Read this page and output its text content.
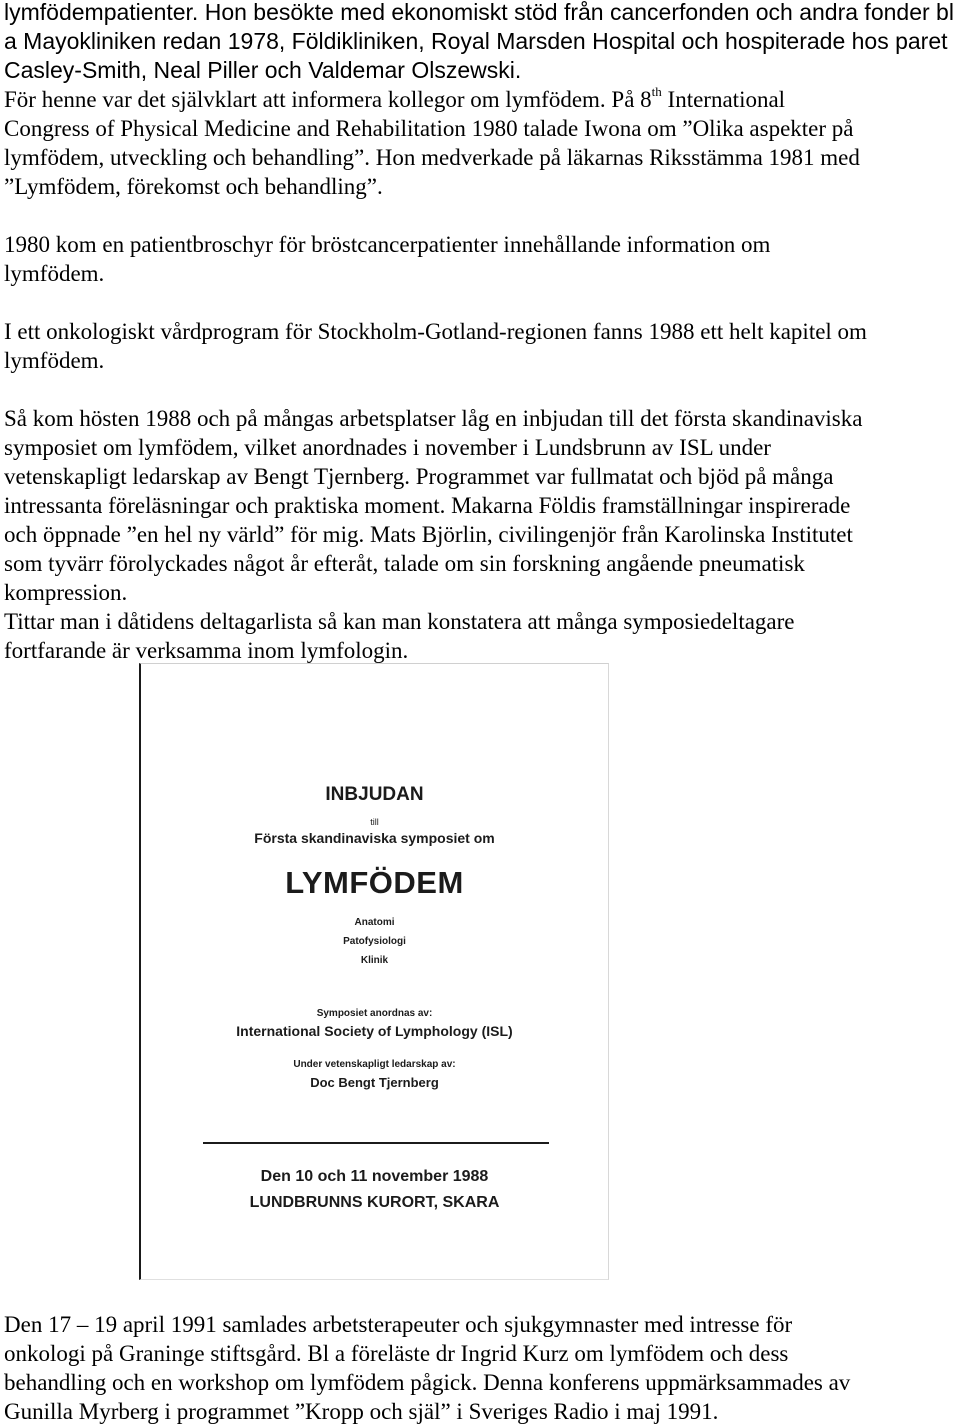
lymfödempatienter. Hon besökte med ekonomiskt stöd från cancerfonden och andra fonder bl
a Mayokliniken redan 1978, Földikliniken, Royal Marsden Hospital och hospiterade hos paret
Casley-Smith, Neal Piller och Valdemar Olszewski.
För henne var det självklart att informera kollegor om lymfödem. På 8th International
Congress of Physical Medicine and Rehabilitation 1980 talade Iwona om ”Olika aspekter på
lymfödem, utveckling och behandling”. Hon medverkade på läkarnas Riksstämma 1981 med
”Lymfödem, förekomst och behandling”.
1980 kom en patientbroschyr för bröstcancerpatienter innehållande information om
lymfödem.
I ett onkologiskt vårdprogram för Stockholm-Gotland-regionen fanns 1988 ett helt kapitel om
lymfödem.
Så kom hösten 1988 och på mångas arbetsplatser låg en inbjudan till det första skandinaviska
symposiet om lymfödem, vilket anordnades i november i Lundsbrunn av ISL under
vetenskapligt ledarskap av Bengt Tjernberg. Programmet var fullmatat och bjöd på många
intressanta föreläsningar och praktiska moment. Makarna Földis framställningar inspirerade
och öppnade ”en hel ny värld” för mig. Mats Björlin, civilingenjör från Karolinska Institutet
som tyvärr förolyckades något år efteråt, talade om sin forskning angående pneumatisk
kompression.
Tittar man i dåtidens deltagarlista så kan man konstatera att många symposiedeltagare
fortfarande är verksamma inom lymfologin.
INBJUDAN
till
Första skandinaviska symposiet om
LYMFÖDEM
Anatomi
Patofysiologi
Klinik
Symposiet anordnas av:
International Society of Lymphology (ISL)
Under vetenskapligt ledarskap av:
Doc Bengt Tjernberg
Den 10 och 11 november 1988
LUNDBRUNNS KURORT, SKARA
Den 17 – 19 april 1991 samlades arbetsterapeuter och sjukgymnaster med intresse för
onkologi på Graninge stiftsgård. Bl a föreläste dr Ingrid Kurz om lymfödem och dess
behandling och en workshop om lymfödem pågick. Denna konferens uppmärksammades av
Gunilla Myrberg i programmet ”Kropp och själ” i Sveriges Radio i maj 1991.
